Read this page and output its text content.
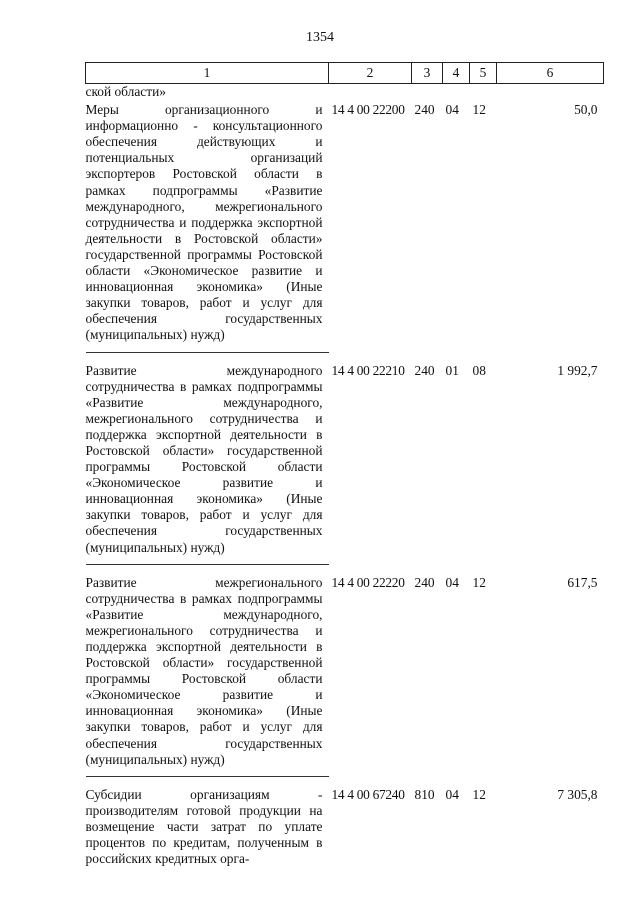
1354
1	2	3	4	5	6
ской области»					
Меры организационного и информационно - консультационного обеспечения действующих и потенциальных организаций экспортеров Ростовской области в рамках подпрограммы «Развитие международного, межрегионального сотрудничества и поддержка экспортной деятельности в Ростовской области» государственной программы Ростовской области «Экономическое развитие и инновационная экономика» (Иные закупки товаров, работ и услуг для обеспечения государственных (муниципальных) нужд)	14 4 00 22200	240	04	12	50,0

Развитие международного сотрудничества в рамках подпрограммы «Развитие международного, межрегионального сотрудничества и поддержка экспортной деятельности в Ростовской области» государственной программы Ростовской области «Экономическое развитие и инновационная экономика» (Иные закупки товаров, работ и услуг для обеспечения государственных (муниципальных) нужд)	14 4 00 22210	240	01	08	1 992,7

Развитие межрегионального сотрудничества в рамках подпрограммы «Развитие международного, межрегионального сотрудничества и поддержка экспортной деятельности в Ростовской области» государственной программы Ростовской области «Экономическое развитие и инновационная экономика» (Иные закупки товаров, работ и услуг для обеспечения государственных (муниципальных) нужд)	14 4 00 22220	240	04	12	617,5

Субсидии организациям - производителям готовой продукции на возмещение части затрат по уплате процентов по кредитам, полученным в российских кредитных орга-	14 4 00 67240	810	04	12	7 305,8
